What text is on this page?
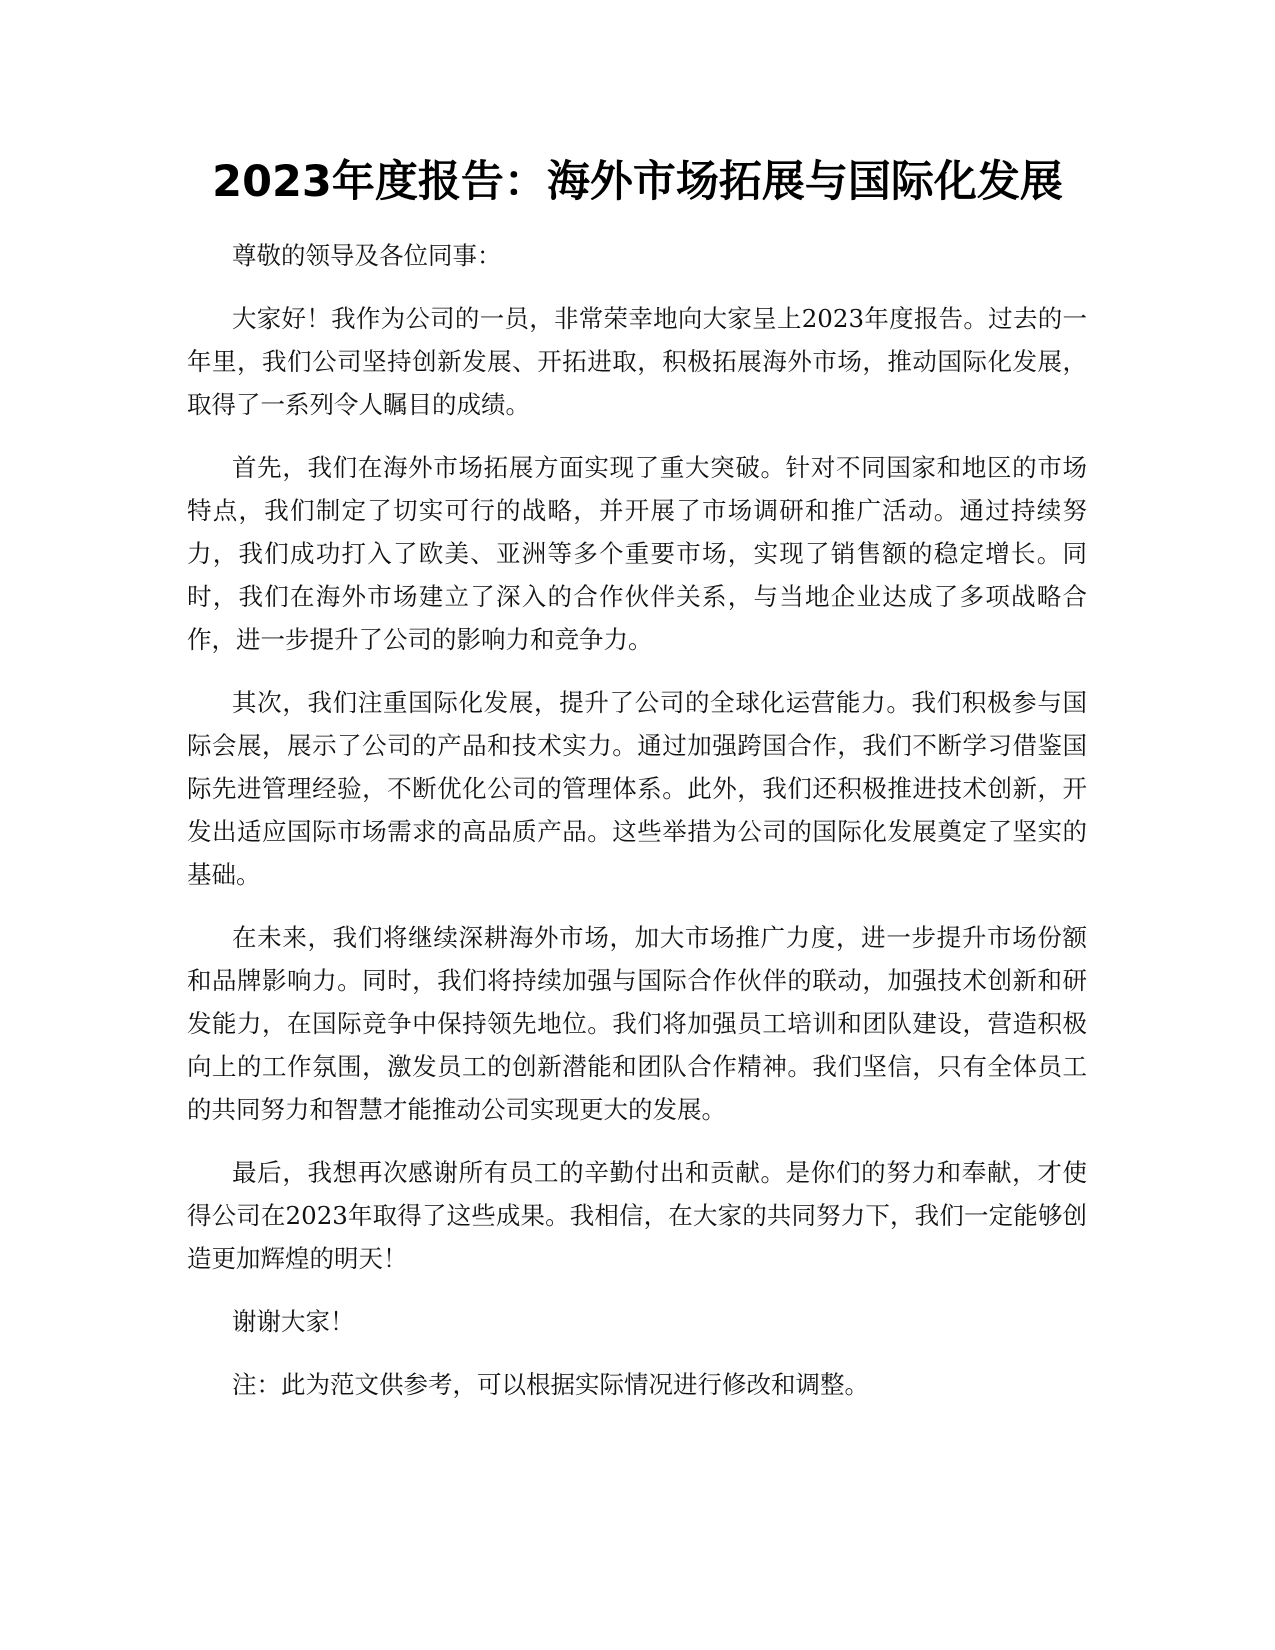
2023年度报告：海外市场拓展与国际化发展

尊敬的领导及各位同事：

大家好！我作为公司的一员，非常荣幸地向大家呈上2023年度报告。过去的一年里，我们公司坚持创新发展、开拓进取，积极拓展海外市场，推动国际化发展，取得了一系列令人瞩目的成绩。

首先，我们在海外市场拓展方面实现了重大突破。针对不同国家和地区的市场特点，我们制定了切实可行的战略，并开展了市场调研和推广活动。通过持续努力，我们成功打入了欧美、亚洲等多个重要市场，实现了销售额的稳定增长。同时，我们在海外市场建立了深入的合作伙伴关系，与当地企业达成了多项战略合作，进一步提升了公司的影响力和竞争力。

其次，我们注重国际化发展，提升了公司的全球化运营能力。我们积极参与国际会展，展示了公司的产品和技术实力。通过加强跨国合作，我们不断学习借鉴国际先进管理经验，不断优化公司的管理体系。此外，我们还积极推进技术创新，开发出适应国际市场需求的高品质产品。这些举措为公司的国际化发展奠定了坚实的基础。

在未来，我们将继续深耕海外市场，加大市场推广力度，进一步提升市场份额和品牌影响力。同时，我们将持续加强与国际合作伙伴的联动，加强技术创新和研发能力，在国际竞争中保持领先地位。我们将加强员工培训和团队建设，营造积极向上的工作氛围，激发员工的创新潜能和团队合作精神。我们坚信，只有全体员工的共同努力和智慧才能推动公司实现更大的发展。

最后，我想再次感谢所有员工的辛勤付出和贡献。是你们的努力和奉献，才使得公司在2023年取得了这些成果。我相信，在大家的共同努力下，我们一定能够创造更加辉煌的明天！

谢谢大家！

注：此为范文供参考，可以根据实际情况进行修改和调整。
